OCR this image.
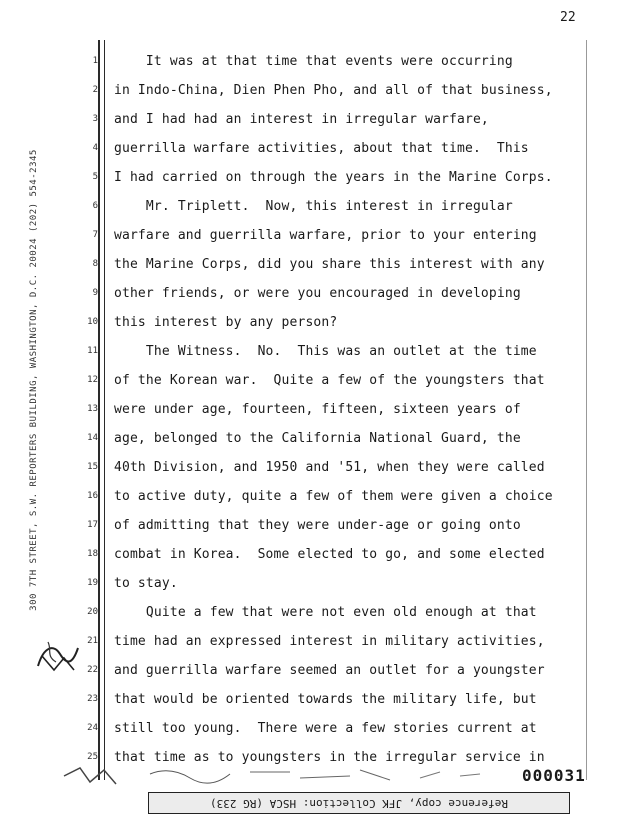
22
300 7TH STREET, S.W. REPORTERS BUILDING, WASHINGTON, D.C. 20024 (202) 554-2345
1 It was at that time that events were occurring
2 in Indo-China, Dien Phen Pho, and all of that business,
3 and I had had an interest in irregular warfare,
4 guerrilla warfare activities, about that time.  This
5 I had carried on through the years in the Marine Corps.
6 Mr. Triplett.  Now, this interest in irregular
7 warfare and guerrilla warfare, prior to your entering
8 the Marine Corps, did you share this interest with any
9 other friends, or were you encouraged in developing
10 this interest by any person?
11 The Witness.  No.  This was an outlet at the time
12 of the Korean war.  Quite a few of the youngsters that
13 were under age, fourteen, fifteen, sixteen years of
14 age, belonged to the California National Guard, the
15 40th Division, and 1950 and '51, when they were called
16 to active duty, quite a few of them were given a choice
17 of admitting that they were under-age or going onto
18 combat in Korea.  Some elected to go, and some elected
19 to stay.
20 Quite a few that were not even old enough at that
21 time had an expressed interest in military activities,
22 and guerrilla warfare seemed an outlet for a youngster
23 that would be oriented towards the military life, but
24 still too young.  There were a few stories current at
25 that time as to youngsters in the irregular service in
000031
Reference copy, JFK Collection: HSCA (RG 233)
